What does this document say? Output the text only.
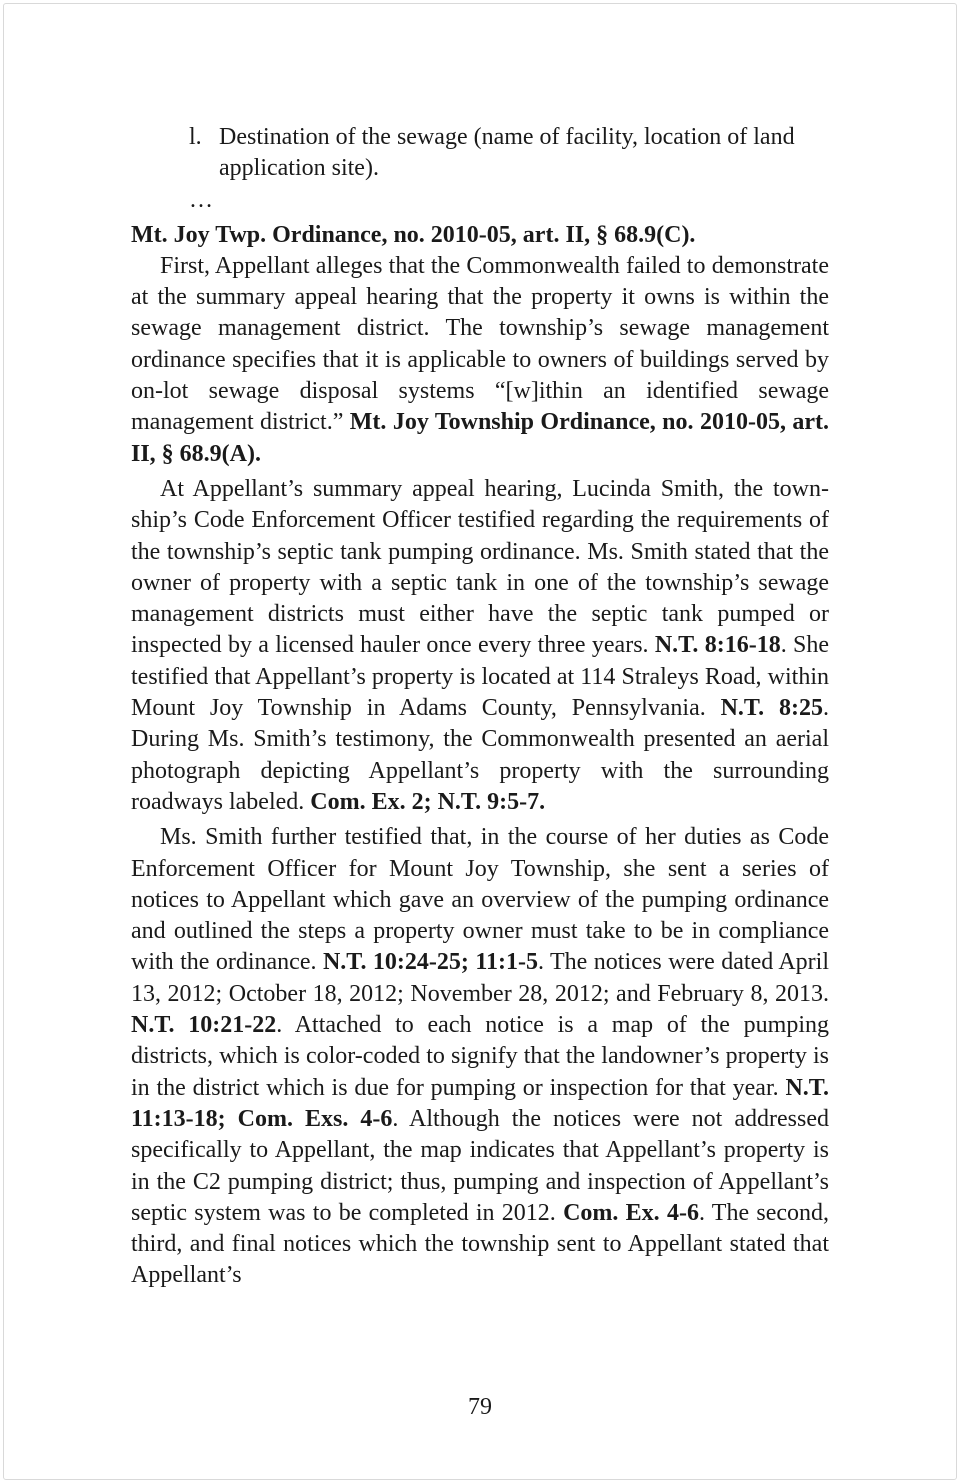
l. Destination of the sewage (name of facility, location of land application site).
…
Mt. Joy Twp. Ordinance, no. 2010-05, art. II, § 68.9(C).

First, Appellant alleges that the Commonwealth failed to demonstrate at the summary appeal hearing that the property it owns is within the sewage management district. The township’s sewage management ordinance specifies that it is applicable to owners of buildings served by on-lot sewage disposal systems “[w]ithin an identified sewage management district.” Mt. Joy Township Ordinance, no. 2010-05, art. II, § 68.9(A).

At Appellant’s summary appeal hearing, Lucinda Smith, the township’s Code Enforcement Officer testified regarding the requirements of the township’s septic tank pumping ordinance. Ms. Smith stated that the owner of property with a septic tank in one of the township’s sewage management districts must either have the septic tank pumped or inspected by a licensed hauler once every three years. N.T. 8:16-18. She testified that Appellant’s property is located at 114 Straleys Road, within Mount Joy Township in Adams County, Pennsylvania. N.T. 8:25. During Ms. Smith’s testimony, the Commonwealth presented an aerial photograph depicting Appellant’s property with the surrounding roadways labeled. Com. Ex. 2; N.T. 9:5-7.

Ms. Smith further testified that, in the course of her duties as Code Enforcement Officer for Mount Joy Township, she sent a series of notices to Appellant which gave an overview of the pumping ordinance and outlined the steps a property owner must take to be in compliance with the ordinance. N.T. 10:24-25; 11:1-5. The notices were dated April 13, 2012; October 18, 2012; November 28, 2012; and February 8, 2013. N.T. 10:21-22. Attached to each notice is a map of the pumping districts, which is color-coded to signify that the landowner’s property is in the district which is due for pumping or inspection for that year. N.T. 11:13-18; Com. Exs. 4-6. Although the notices were not addressed specifically to Appellant, the map indicates that Appellant’s property is in the C2 pumping district; thus, pumping and inspection of Appellant’s septic system was to be completed in 2012. Com. Ex. 4-6. The second, third, and final notices which the township sent to Appellant stated that Appellant’s

79
